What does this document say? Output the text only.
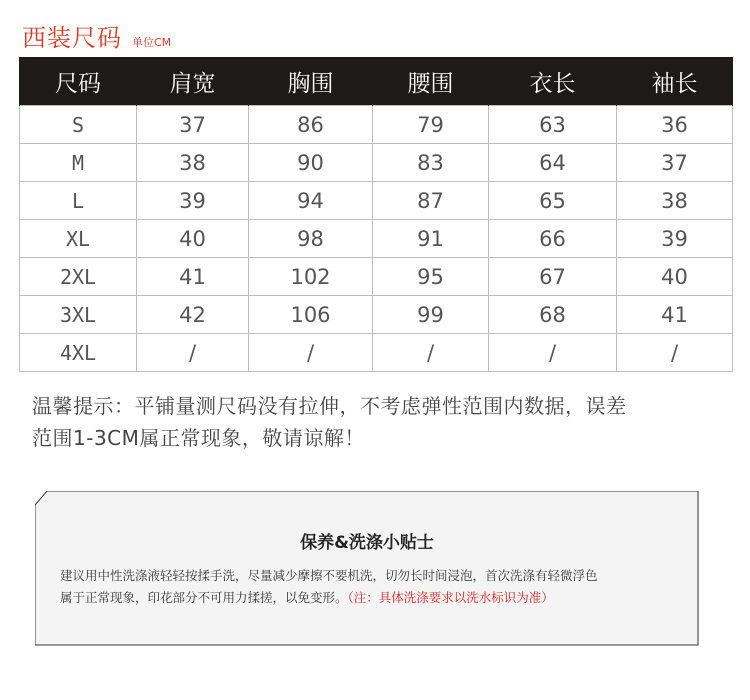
西装尺码 单位CM
尺码	肩宽	胸围	腰围	衣长	袖长
S	37	86	79	63	36
M	38	90	83	64	37
L	39	94	87	65	38
XL	40	98	91	66	39
2XL	41	102	95	67	40
3XL	42	106	99	68	41
4XL	/	/	/	/	/
温馨提示：平铺量测尺码没有拉伸，不考虑弹性范围内数据，误差
范围1-3CM属正常现象，敬请谅解！
保养&洗涤小贴士
建议用中性洗涤液轻轻按揉手洗，尽量减少摩擦不要机洗，切勿长时间浸泡，首次洗涤有轻微浮色
属于正常现象，印花部分不可用力揉搓，以免变形。（注：具体洗涤要求以洗水标识为准）
